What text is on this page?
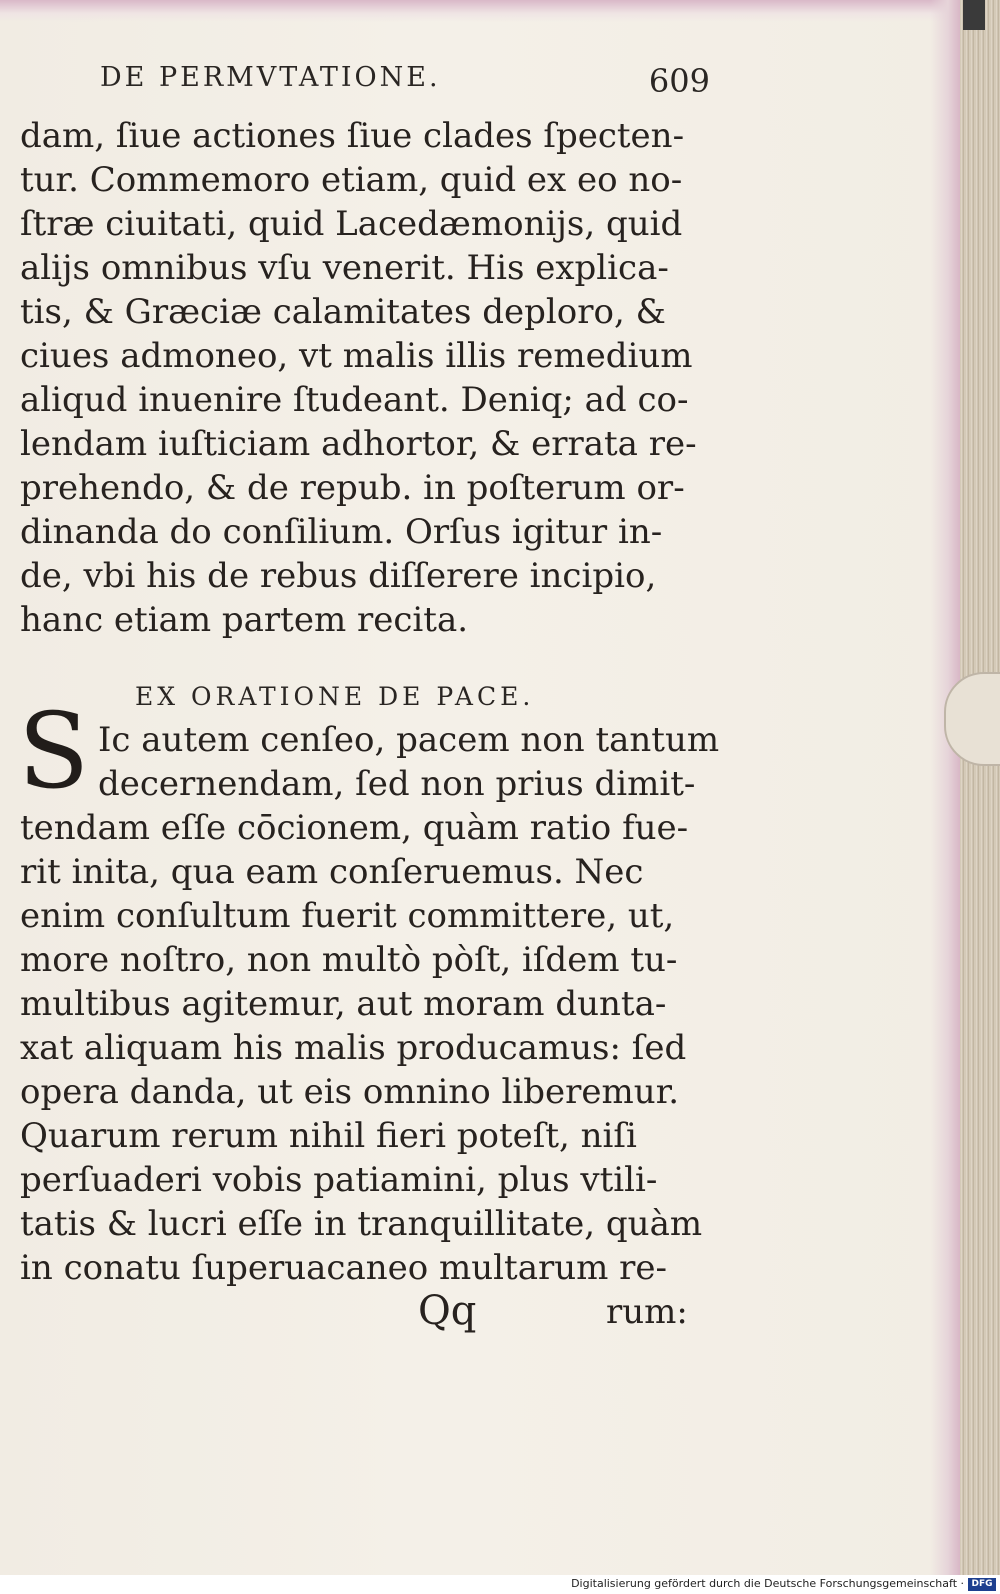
DE PERMVTATIONE.	609
dam, ſiue actiones ſiue clades ſpecten-
tur. Commemoro etiam, quid ex eo no-
ſtræ ciuitati, quid Lacedæmonijs, quid
alijs omnibus vſu venerit. His explica-
tis, & Græciæ calamitates deploro, &
ciues admoneo, vt malis illis remedium
aliqud inuenire ſtudeant. Deniq; ad co-
lendam iuſticiam adhortor, & errata re-
prehendo, & de repub. in poſterum or-
dinanda do conſilium. Orſus igitur in-
de, vbi his de rebus diſſerere incipio,
hanc etiam partem recita.
EX ORATIONE DE PACE.
S Ic autem cenſeo, pacem non tantum
decernendam, ſed non prius dimit-
tendam eſſe cōcionem, quàm ratio fue-
rit inita, qua eam conſeruemus. Nec
enim conſultum fuerit committere, ut,
more noſtro, non multò pòſt, iſdem tu-
multibus agitemur, aut moram dunta-
xat aliquam his malis producamus: ſed
opera danda, ut eis omnino liberemur.
Quarum rerum nihil fieri poteſt, niſi
perſuaderi vobis patiamini, plus vtili-
tatis & lucri eſſe in tranquillitate, quàm
in conatu ſuperuacaneo multarum re-
Qq	rum:
Digitalisierung gefördert durch die Deutsche Forschungsgemeinschaft · DFG
